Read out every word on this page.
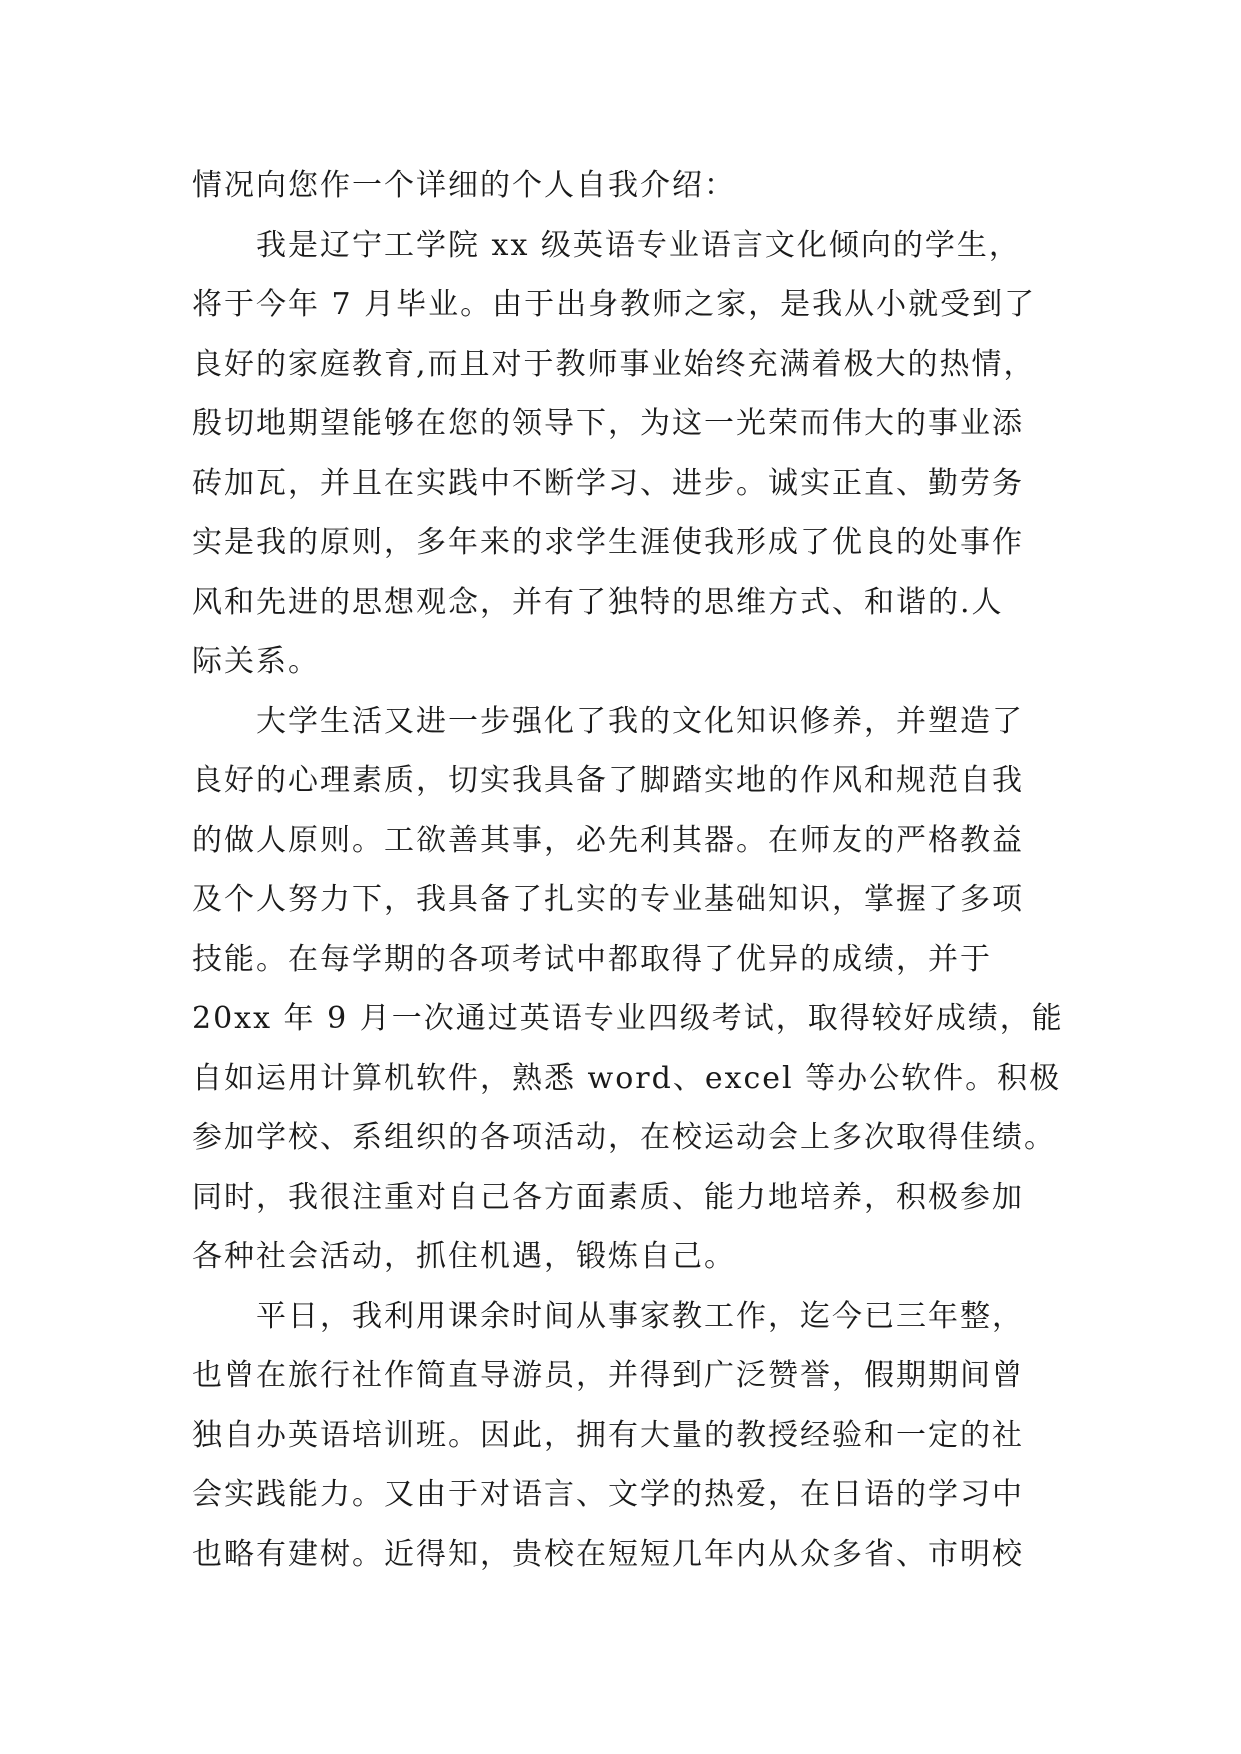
情况向您作一个详细的个人自我介绍：
我是辽宁工学院 xx 级英语专业语言文化倾向的学生，
将于今年 7 月毕业。由于出身教师之家，是我从小就受到了
良好的家庭教育,而且对于教师事业始终充满着极大的热情，
殷切地期望能够在您的领导下，为这一光荣而伟大的事业添
砖加瓦，并且在实践中不断学习、进步。诚实正直、勤劳务
实是我的原则，多年来的求学生涯使我形成了优良的处事作
风和先进的思想观念，并有了独特的思维方式、和谐的.人
际关系。
大学生活又进一步强化了我的文化知识修养，并塑造了
良好的心理素质，切实我具备了脚踏实地的作风和规范自我
的做人原则。工欲善其事，必先利其器。在师友的严格教益
及个人努力下，我具备了扎实的专业基础知识，掌握了多项
技能。在每学期的各项考试中都取得了优异的成绩，并于
20xx 年 9 月一次通过英语专业四级考试，取得较好成绩，能
自如运用计算机软件，熟悉 word、excel 等办公软件。积极
参加学校、系组织的各项活动，在校运动会上多次取得佳绩。
同时，我很注重对自己各方面素质、能力地培养，积极参加
各种社会活动，抓住机遇，锻炼自己。
平日，我利用课余时间从事家教工作，迄今已三年整，
也曾在旅行社作简直导游员，并得到广泛赞誉，假期期间曾
独自办英语培训班。因此，拥有大量的教授经验和一定的社
会实践能力。又由于对语言、文学的热爱，在日语的学习中
也略有建树。近得知，贵校在短短几年内从众多省、市明校
